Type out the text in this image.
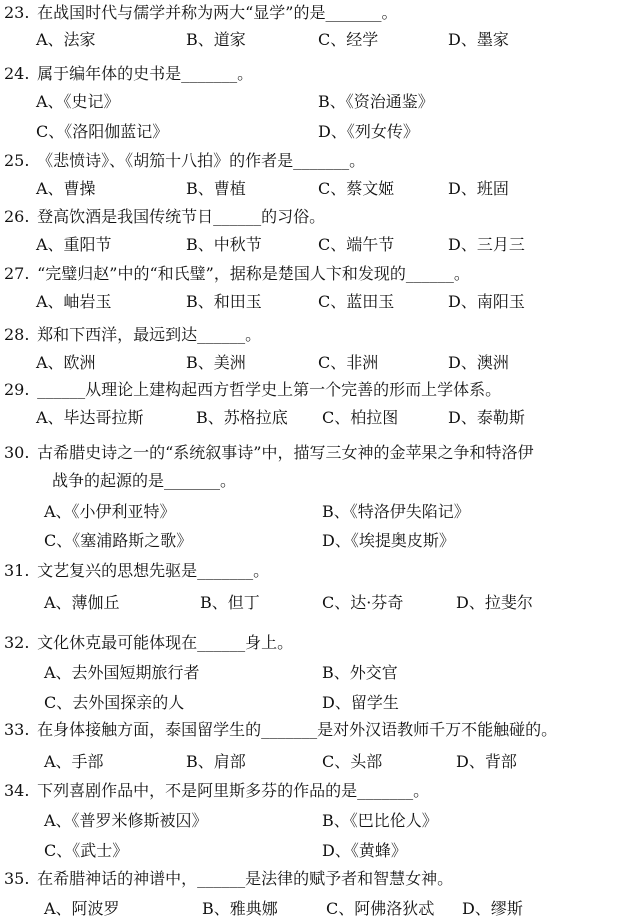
23. 在战国时代与儒学并称为两大“显学”的是_______。
A、法家	B、道家	C、经学	D、墨家
24. 属于编年体的史书是_______。
A、《史记》	B、《资治通鉴》
C、《洛阳伽蓝记》	D、《列女传》
25. 《悲愤诗》、《胡笳十八拍》的作者是_______。
A、曹操	B、曹植	C、蔡文姬	D、班固
26. 登高饮酒是我国传统节日______的习俗。
A、重阳节	B、中秋节	C、端午节	D、三月三
27. “完璧归赵”中的“和氏璧”，据称是楚国人卞和发现的______。
A、岫岩玉	B、和田玉	C、蓝田玉	D、南阳玉
28. 郑和下西洋，最远到达______。
A、欧洲	B、美洲	C、非洲	D、澳洲
29. ______从理论上建构起西方哲学史上第一个完善的形而上学体系。
A、毕达哥拉斯	B、苏格拉底 C、柏拉图	D、泰勒斯
30. 古希腊史诗之一的“系统叙事诗”中，描写三女神的金苹果之争和特洛伊
战争的起源的是_______。
A、《小伊利亚特》	B、《特洛伊失陷记》
C、《塞浦路斯之歌》	D、《埃提奥皮斯》
31. 文艺复兴的思想先驱是_______。
A、薄伽丘	B、但丁	C、达·芬奇	D、拉斐尔
32. 文化休克最可能体现在______身上。
A、去外国短期旅行者	B、外交官
C、去外国探亲的人	D、留学生
33. 在身体接触方面，泰国留学生的_______是对外汉语教师千万不能触碰的。
A、手部	B、肩部	C、头部	D、背部
34. 下列喜剧作品中，不是阿里斯多芬的作品的是_______。
A、《普罗米修斯被囚》	B、《巴比伦人》
C、《武士》	D、《黄蜂》
35. 在希腊神话的神谱中，______是法律的赋予者和智慧女神。
A、阿波罗	B、雅典娜	C、阿佛洛狄忒 D、缪斯
